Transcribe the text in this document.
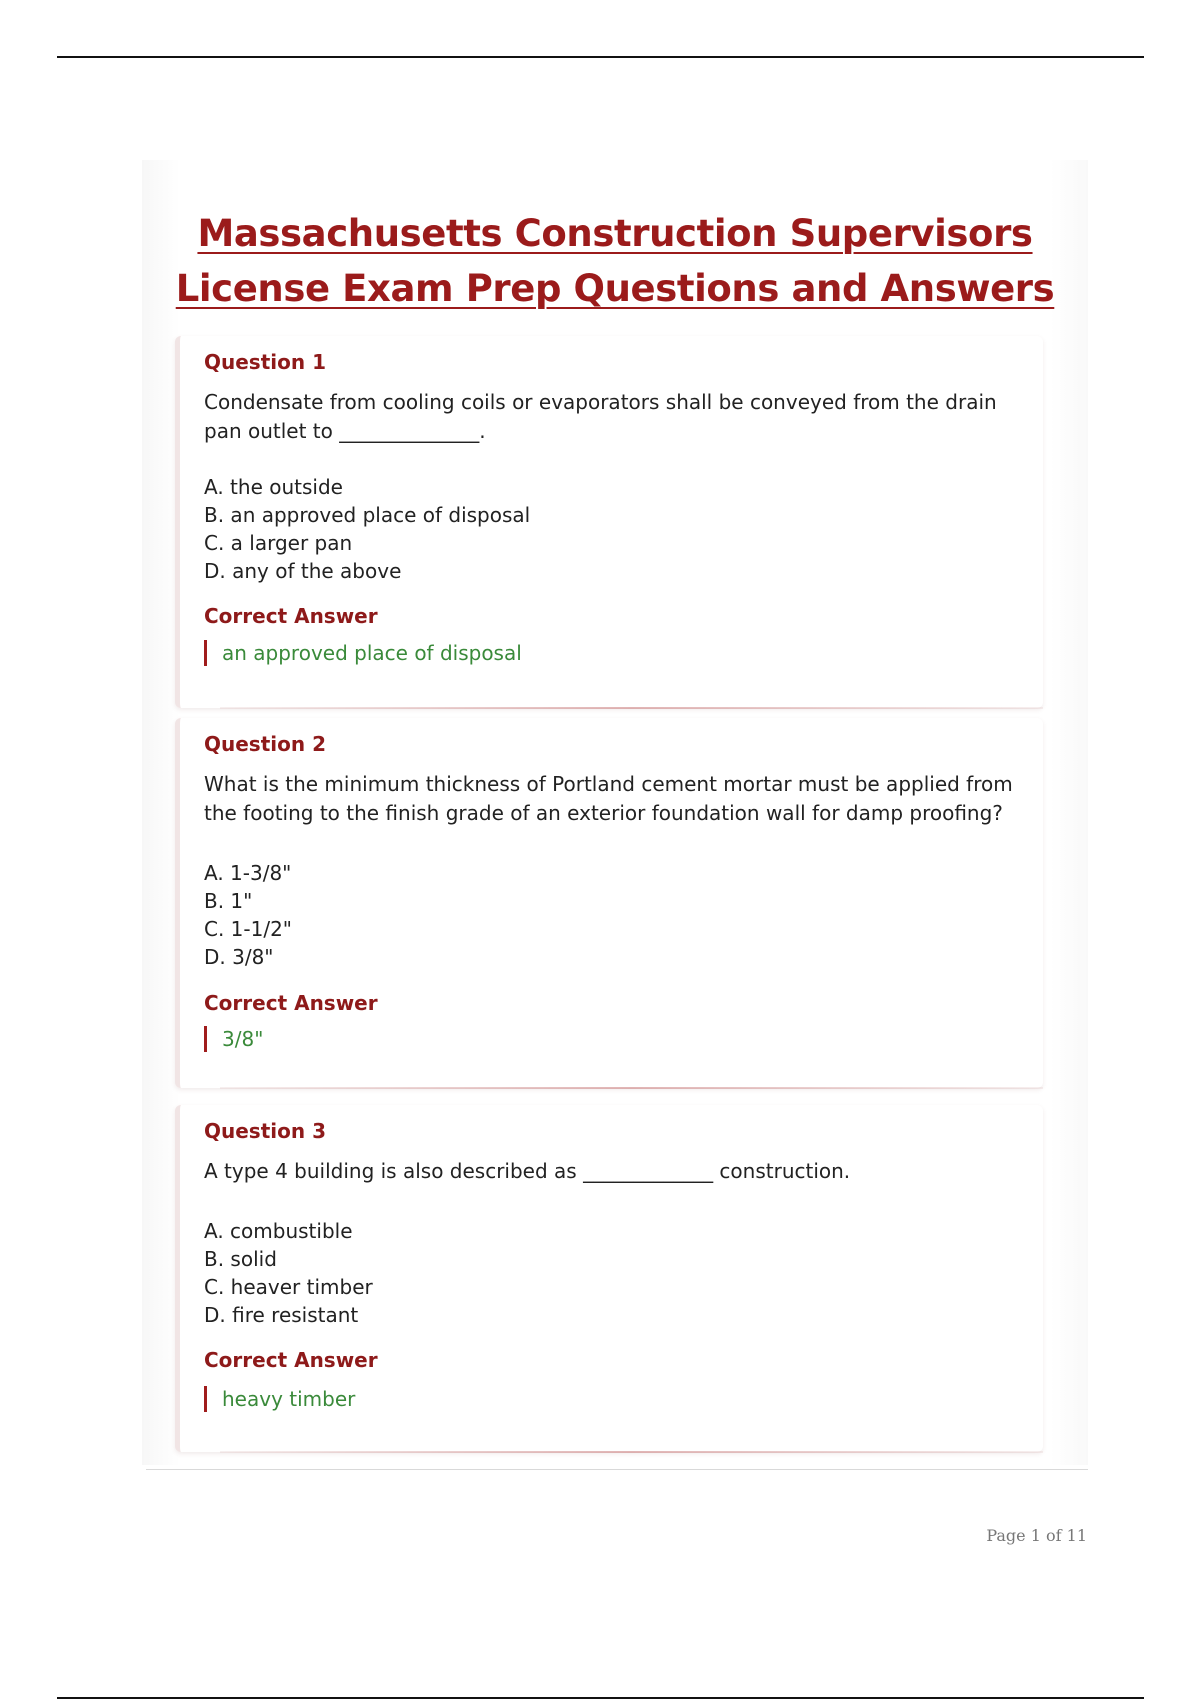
Massachusetts Construction Supervisors License Exam Prep Questions and Answers
Question 1

Condensate from cooling coils or evaporators shall be conveyed from the drain pan outlet to ______________.

A. the outside
B. an approved place of disposal
C. a larger pan
D. any of the above
Correct Answer

an approved place of disposal

Question 2

What is the minimum thickness of Portland cement mortar must be applied from the footing to the finish grade of an exterior foundation wall for damp proofing?

A. 1-3/8"
B. 1"
C. 1-1/2"
D. 3/8"
Correct Answer

3/8"

Question 3

A type 4 building is also described as _____________ construction.

A. combustible
B. solid
C. heaver timber
D. fire resistant
Correct Answer

heavy timber

Page 1 of 11
